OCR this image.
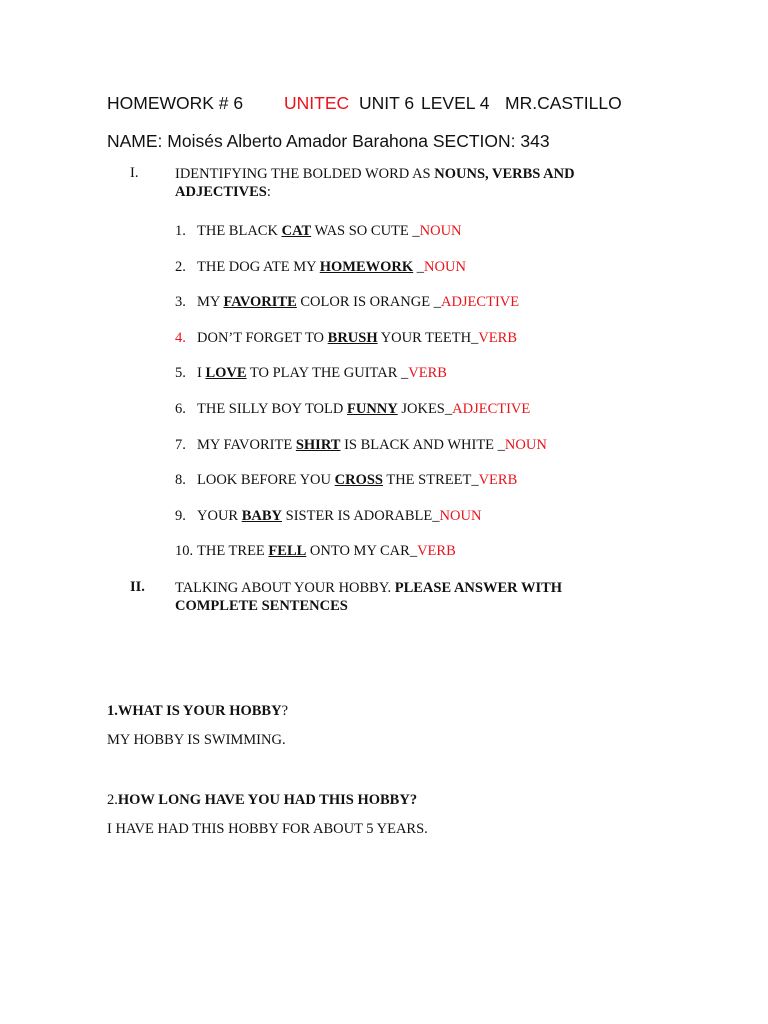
HOMEWORK # 6 UNITEC UNIT 6 LEVEL 4 MR.CASTILLO
NAME: Moisés Alberto Amador Barahona SECTION: 343
I.	IDENTIFYING THE BOLDED WORD AS NOUNS, VERBS AND
ADJECTIVES:
1. THE BLACK CAT WAS SO CUTE _NOUN
2. THE DOG ATE MY HOMEWORK _NOUN
3. MY FAVORITE COLOR IS ORANGE _ADJECTIVE
4. DON’T FORGET TO BRUSH YOUR TEETH_VERB
5. I LOVE TO PLAY THE GUITAR _VERB
6. THE SILLY BOY TOLD FUNNY JOKES_ADJECTIVE
7. MY FAVORITE SHIRT IS BLACK AND WHITE _NOUN
8. LOOK BEFORE YOU CROSS THE STREET_VERB
9. YOUR BABY SISTER IS ADORABLE_NOUN
10. THE TREE FELL ONTO MY CAR_VERB
II. TALKING ABOUT YOUR HOBBY. PLEASE ANSWER WITH
COMPLETE SENTENCES
1.WHAT IS YOUR HOBBY?
MY HOBBY IS SWIMMING.
2.HOW LONG HAVE YOU HAD THIS HOBBY?
I HAVE HAD THIS HOBBY FOR ABOUT 5 YEARS.
